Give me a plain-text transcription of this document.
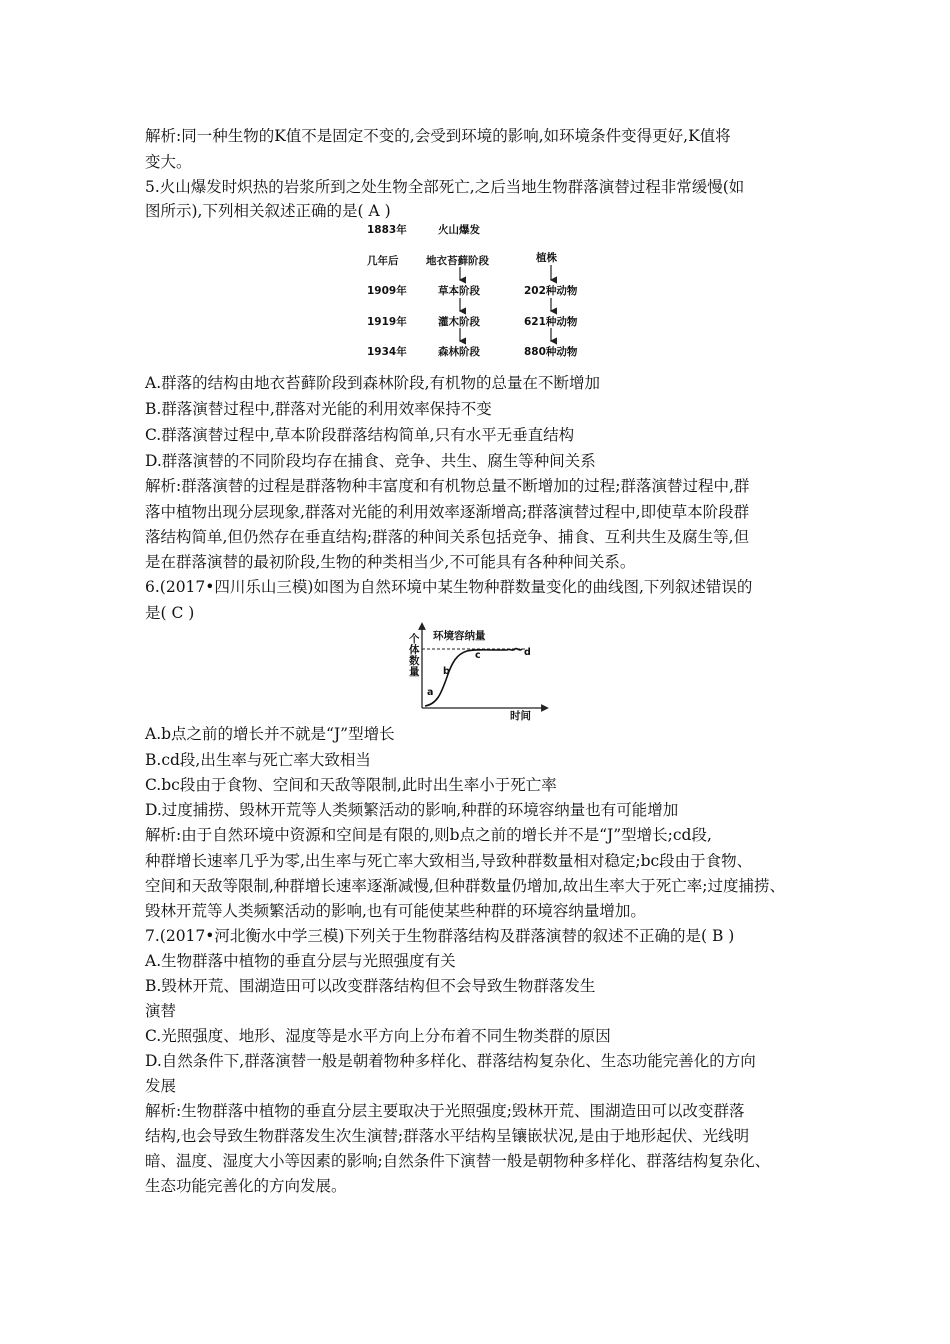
解析:同一种生物的K值不是固定不变的,会受到环境的影响,如环境条件变得更好,K值将
变大。
5.火山爆发时炽热的岩浆所到之处生物全部死亡,之后当地生物群落演替过程非常缓慢(如
图所示),下列相关叙述正确的是( A )
1883年
几年后
1909年
1919年
1934年
火山爆发
地衣苔藓阶段
草本阶段
灌木阶段
森林阶段
植株
202种动物
621种动物
880种动物
A.群落的结构由地衣苔藓阶段到森林阶段,有机物的总量在不断增加
B.群落演替过程中,群落对光能的利用效率保持不变
C.群落演替过程中,草本阶段群落结构简单,只有水平无垂直结构
D.群落演替的不同阶段均存在捕食、竞争、共生、腐生等种间关系
解析:群落演替的过程是群落物种丰富度和有机物总量不断增加的过程;群落演替过程中,群
落中植物出现分层现象,群落对光能的利用效率逐渐增高;群落演替过程中,即使草本阶段群
落结构简单,但仍然存在垂直结构;群落的种间关系包括竞争、捕食、互利共生及腐生等,但
是在群落演替的最初阶段,生物的种类相当少,不可能具有各种种间关系。
6.(2017•四川乐山三模)如图为自然环境中某生物种群数量变化的曲线图,下列叙述错误的
是( C )
个体数量
时间
环境容纳量
a
b
c	d
A.b点之前的增长并不就是“J”型增长
B.cd段,出生率与死亡率大致相当
C.bc段由于食物、空间和天敌等限制,此时出生率小于死亡率
D.过度捕捞、毁林开荒等人类频繁活动的影响,种群的环境容纳量也有可能增加
解析:由于自然环境中资源和空间是有限的,则b点之前的增长并不是“J”型增长;cd段,
种群增长速率几乎为零,出生率与死亡率大致相当,导致种群数量相对稳定;bc段由于食物、
空间和天敌等限制,种群增长速率逐渐减慢,但种群数量仍增加,故出生率大于死亡率;过度捕捞、
毁林开荒等人类频繁活动的影响,也有可能使某些种群的环境容纳量增加。
7.(2017•河北衡水中学三模)下列关于生物群落结构及群落演替的叙述不正确的是( B )
A.生物群落中植物的垂直分层与光照强度有关
B.毁林开荒、围湖造田可以改变群落结构但不会导致生物群落发生
演替
C.光照强度、地形、湿度等是水平方向上分布着不同生物类群的原因
D.自然条件下,群落演替一般是朝着物种多样化、群落结构复杂化、生态功能完善化的方向
发展
解析:生物群落中植物的垂直分层主要取决于光照强度;毁林开荒、围湖造田可以改变群落
结构,也会导致生物群落发生次生演替;群落水平结构呈镶嵌状况,是由于地形起伏、光线明
暗、温度、湿度大小等因素的影响;自然条件下演替一般是朝物种多样化、群落结构复杂化、
生态功能完善化的方向发展。
